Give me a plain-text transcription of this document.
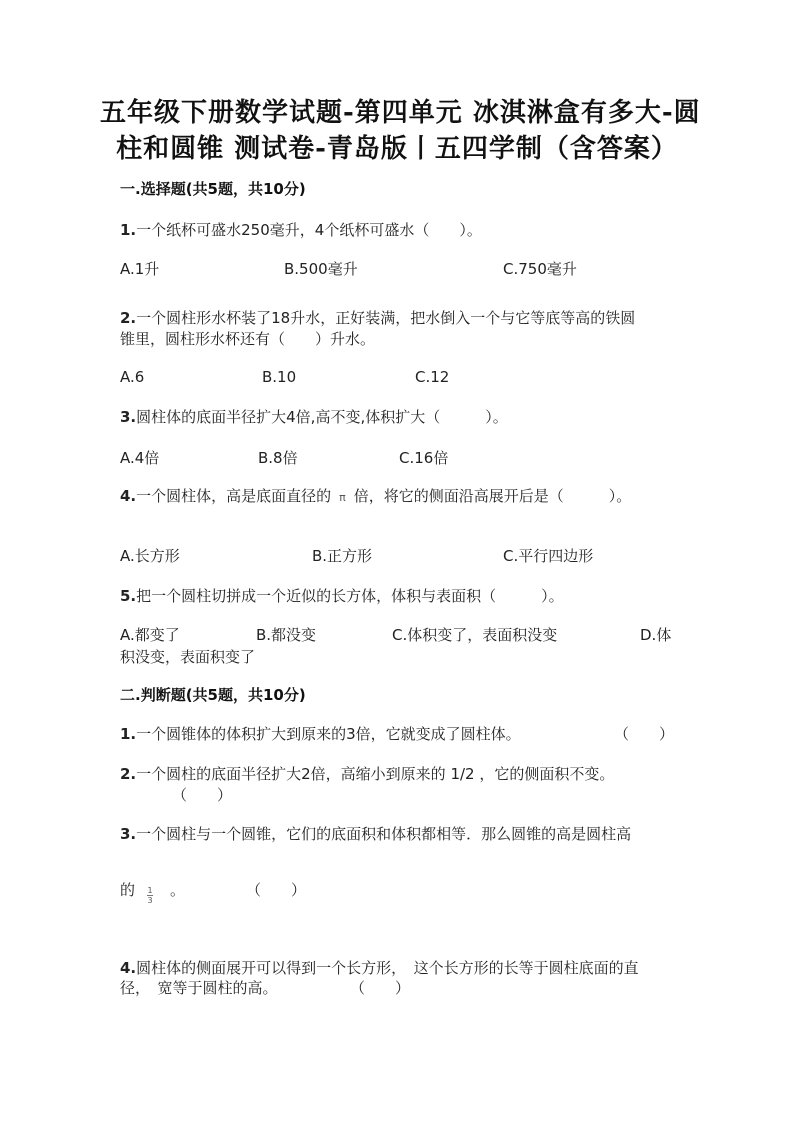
五年级下册数学试题-第四单元 冰淇淋盒有多大-圆
柱和圆锥 测试卷-青岛版丨五四学制（含答案）
一.选择题(共5题，共10分)
1.一个纸杯可盛水250毫升，4个纸杯可盛水（　　）。
A.1升	B.500毫升	C.750毫升
2.一个圆柱形水杯装了18升水，正好装满，把水倒入一个与它等底等高的铁圆
锥里，圆柱形水杯还有（　　）升水。
A.6	B.10	C.12
3.圆柱体的底面半径扩大4倍,高不变,体积扩大（　　　）。
A.4倍	B.8倍	C.16倍
4.一个圆柱体，高是底面直径的 π 倍，将它的侧面沿高展开后是（　　　）。
A.长方形	B.正方形	C.平行四边形
5.把一个圆柱切拼成一个近似的长方体，体积与表面积（　　　）。
A.都变了	B.都没变	C.体积变了，表面积没变	D.体
积没变，表面积变了
二.判断题(共5题，共10分)
1.一个圆锥体的体积扩大到原来的3倍，它就变成了圆柱体。	（　　）
2.一个圆柱的底面半径扩大2倍，高缩小到原来的 1/2 ，它的侧面积不变。
（　　）
3.一个圆柱与一个圆锥，它们的底面积和体积都相等．那么圆锥的高是圆柱高
的	1
3
。	（　　）
4.圆柱体的侧面展开可以得到一个长方形，　这个长方形的长等于圆柱底面的直
径，　宽等于圆柱的高。	（　　）
